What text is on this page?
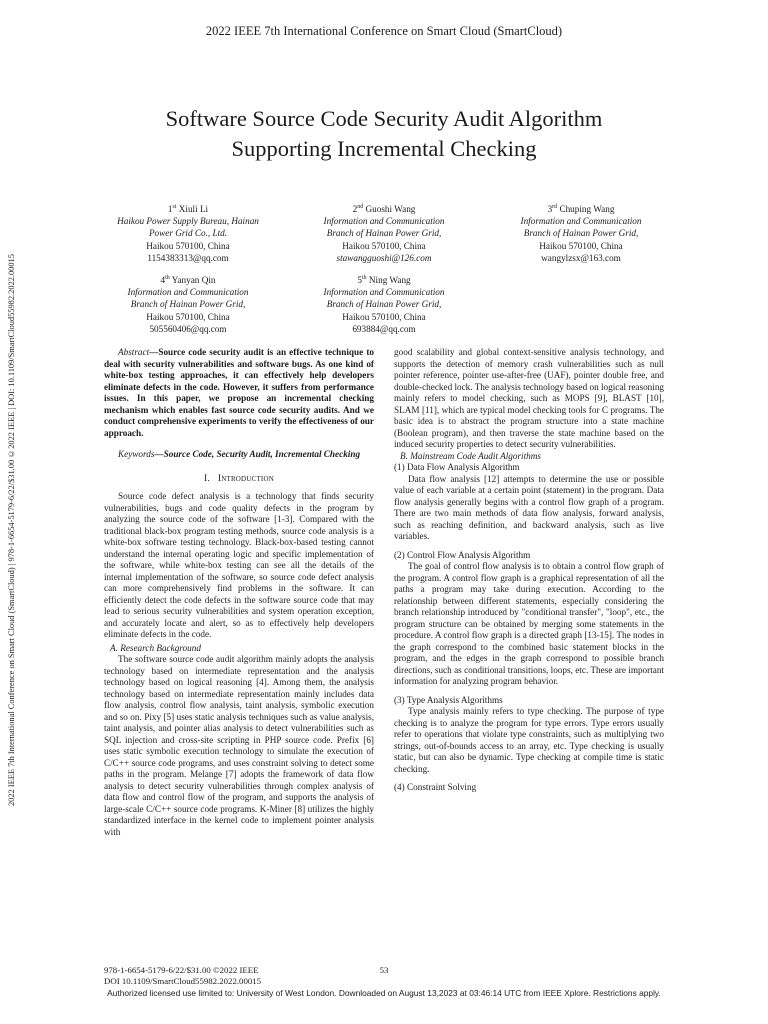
2022 IEEE 7th International Conference on Smart Cloud (SmartCloud)
2022 IEEE 7th International Conference on Smart Cloud (SmartCloud) | 978-1-6654-5179-6/22/$31.00 ©2022 IEEE | DOI: 10.1109/SmartCloud55982.2022.00015
Software Source Code Security Audit Algorithm
Supporting Incremental Checking
1st Xiuli Li
Haikou Power Supply Bureau, Hainan
Power Grid Co., Ltd.
Haikou 570100, China
1154383313@qq.com
2nd Guoshi Wang
Information and Communication
Branch of Hainan Power Grid,
Haikou 570100, China
stawangguoshi@126.com
3rd Chuping Wang
Information and Communication
Branch of Hainan Power Grid,
Haikou 570100, China
wangylzsx@163.com
4th Yanyan Qin
Information and Communication
Branch of Hainan Power Grid,
Haikou 570100, China
505560406@qq.com
5th Ning Wang
Information and Communication
Branch of Hainan Power Grid,
Haikou 570100, China
693884@qq.com

Abstract—Source code security audit is an effective technique to deal with security vulnerabilities and software bugs. As one kind of white-box testing approaches, it can effectively help developers eliminate defects in the code. However, it suffers from performance issues. In this paper, we propose an incremental checking mechanism which enables fast source code security audits. And we conduct comprehensive experiments to verify the effectiveness of our approach.

Keywords—Source Code, Security Audit, Incremental Checking

I. Introduction

Source code defect analysis is a technology that finds security vulnerabilities, bugs and code quality defects in the program by analyzing the source code of the software [1-3]. Compared with the traditional black-box program testing methods, source code analysis is a white-box software testing technology. Black-box-based testing cannot understand the internal operating logic and specific implementation of the software, while white-box testing can see all the details of the internal implementation of the software, so source code defect analysis can more comprehensively find problems in the software. It can efficiently detect the code defects in the software source code that may lead to serious security vulnerabilities and system operation exception, and accurately locate and alert, so as to effectively help developers eliminate defects in the code.

A. Research Background

The software source code audit algorithm mainly adopts the analysis technology based on intermediate representation and the analysis technology based on logical reasoning [4]. Among them, the analysis technology based on intermediate representation mainly includes data flow analysis, control flow analysis, taint analysis, symbolic execution and so on. Pixy [5] uses static analysis techniques such as value analysis, taint analysis, and pointer alias analysis to detect vulnerabilities such as SQL injection and cross-site scripting in PHP source code. Prefix [6] uses static symbolic execution technology to simulate the execution of C/C++ source code programs, and uses constraint solving to detect some paths in the program. Melange [7] adopts the framework of data flow analysis to detect security vulnerabilities through complex analysis of data flow and control flow of the program, and supports the analysis of large-scale C/C++ source code programs. K-Miner [8] utilizes the highly standardized interface in the kernel code to implement pointer analysis with

good scalability and global context-sensitive analysis technology, and supports the detection of memory crash vulnerabilities such as null pointer reference, pointer use-after-free (UAF), pointer double free, and double-checked lock. The analysis technology based on logical reasoning mainly refers to model checking, such as MOPS [9], BLAST [10], SLAM [11], which are typical model checking tools for C programs. The basic idea is to abstract the program structure into a state machine (Boolean program), and then traverse the state machine based on the induced security properties to detect security vulnerabilities.

B. Mainstream Code Audit Algorithms

(1) Data Flow Analysis Algorithm

Data flow analysis [12] attempts to determine the use or possible value of each variable at a certain point (statement) in the program. Data flow analysis generally begins with a control flow graph of a program. There are two main methods of data flow analysis, forward analysis, such as reaching definition, and backward analysis, such as live variables.

(2) Control Flow Analysis Algorithm

The goal of control flow analysis is to obtain a control flow graph of the program. A control flow graph is a graphical representation of all the paths a program may take during execution. According to the relationship between different statements, especially considering the branch relationship introduced by "conditional transfer", "loop", etc., the program structure can be obtained by merging some statements in the procedure. A control flow graph is a directed graph [13-15]. The nodes in the graph correspond to the combined basic statement blocks in the program, and the edges in the graph correspond to possible branch directions, such as conditional transitions, loops, etc. These are important information for analyzing program behavior.

(3) Type Analysis Algorithms

Type analysis mainly refers to type checking. The purpose of type checking is to analyze the program for type errors. Type errors usually refer to operations that violate type constraints, such as multiplying two strings, out-of-bounds access to an array, etc. Type checking is usually static, but can also be dynamic. Type checking at compile time is static checking.

(4) Constraint Solving

978-1-6654-5179-6/22/$31.00 ©2022 IEEE
DOI 10.1109/SmartCloud55982.2022.00015
53
Authorized licensed use limited to: University of West London. Downloaded on August 13,2023 at 03:46:14 UTC from IEEE Xplore. Restrictions apply.
